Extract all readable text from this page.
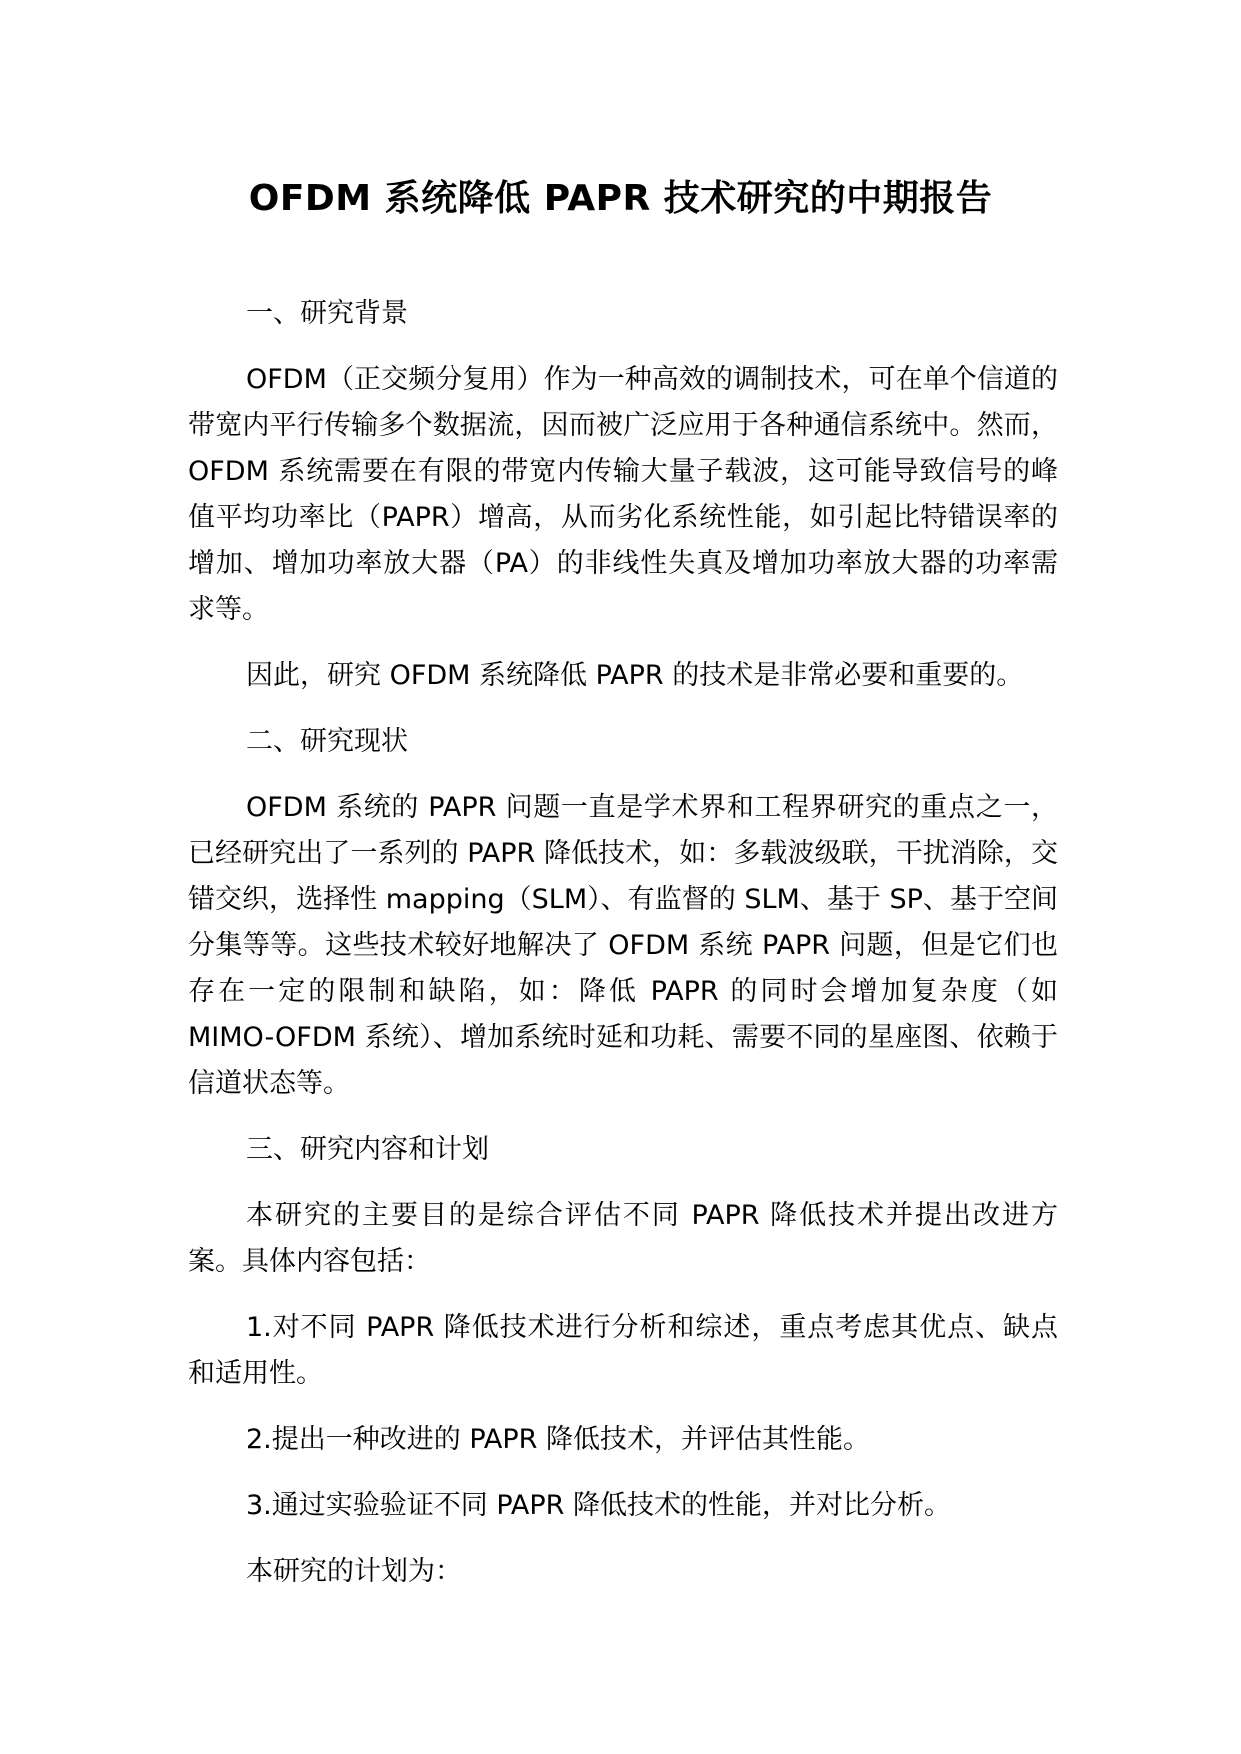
OFDM 系统降低 PAPR 技术研究的中期报告

一、研究背景

OFDM（正交频分复用）作为一种高效的调制技术，可在单个信道的带宽内平行传输多个数据流，因而被广泛应用于各种通信系统中。然而，OFDM 系统需要在有限的带宽内传输大量子载波，这可能导致信号的峰值平均功率比（PAPR）增高，从而劣化系统性能，如引起比特错误率的增加、增加功率放大器（PA）的非线性失真及增加功率放大器的功率需求等。

因此，研究 OFDM 系统降低 PAPR 的技术是非常必要和重要的。

二、研究现状

OFDM 系统的 PAPR 问题一直是学术界和工程界研究的重点之一，已经研究出了一系列的 PAPR 降低技术，如：多载波级联，干扰消除，交错交织，选择性 mapping（SLM）、有监督的 SLM、基于 SP、基于空间分集等等。这些技术较好地解决了 OFDM 系统 PAPR 问题，但是它们也存在一定的限制和缺陷，如：降低 PAPR 的同时会增加复杂度（如 MIMO-OFDM 系统）、增加系统时延和功耗、需要不同的星座图、依赖于信道状态等。

三、研究内容和计划

本研究的主要目的是综合评估不同 PAPR 降低技术并提出改进方案。具体内容包括：

1.对不同 PAPR 降低技术进行分析和综述，重点考虑其优点、缺点和适用性。

2.提出一种改进的 PAPR 降低技术，并评估其性能。

3.通过实验验证不同 PAPR 降低技术的性能，并对比分析。

本研究的计划为：
